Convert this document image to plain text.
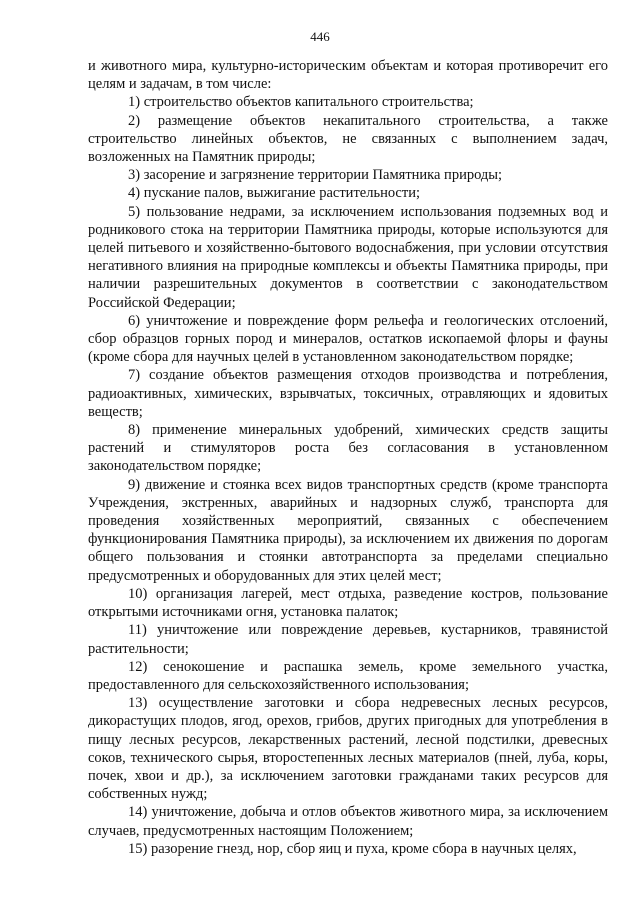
446

и животного мира, культурно-историческим объектам и которая противоречит его целям и задачам, в том числе:

1) строительство объектов капитального строительства;

2) размещение объектов некапитального строительства, а также строительство линейных объектов, не связанных с выполнением задач, возложенных на Памятник природы;

3) засорение и загрязнение территории Памятника природы;

4) пускание палов, выжигание растительности;

5) пользование недрами, за исключением использования подземных вод и родникового стока на территории Памятника природы, которые используются для целей питьевого и хозяйственно-бытового водоснабжения, при условии отсутствия негативного влияния на природные комплексы и объекты Памятника природы, при наличии разрешительных документов в соответствии с законодательством Российской Федерации;

6) уничтожение и повреждение форм рельефа и геологических отслоений, сбор образцов горных пород и минералов, остатков ископаемой флоры и фауны (кроме сбора для научных целей в установленном законодательством порядке;

7) создание объектов размещения отходов производства и потребления, радиоактивных, химических, взрывчатых, токсичных, отравляющих и ядовитых веществ;

8) применение минеральных удобрений, химических средств защиты растений и стимуляторов роста без согласования в установленном законодательством порядке;

9) движение и стоянка всех видов транспортных средств (кроме транспорта Учреждения, экстренных, аварийных и надзорных служб, транспорта для проведения хозяйственных мероприятий, связанных с обеспечением функционирования Памятника природы), за исключением их движения по дорогам общего пользования и стоянки автотранспорта за пределами специально предусмотренных и оборудованных для этих целей мест;

10) организация лагерей, мест отдыха, разведение костров, пользование открытыми источниками огня, установка палаток;

11) уничтожение или повреждение деревьев, кустарников, травянистой растительности;

12) сенокошение и распашка земель, кроме земельного участка, предоставленного для сельскохозяйственного использования;

13) осуществление заготовки и сбора недревесных лесных ресурсов, дикорастущих плодов, ягод, орехов, грибов, других пригодных для употребления в пищу лесных ресурсов, лекарственных растений, лесной подстилки, древесных соков, технического сырья, второстепенных лесных материалов (пней, луба, коры, почек, хвои и др.), за исключением заготовки гражданами таких ресурсов для собственных нужд;

14) уничтожение, добыча и отлов объектов животного мира, за исключением случаев, предусмотренных настоящим Положением;

15) разорение гнезд, нор, сбор яиц и пуха, кроме сбора в научных целях,
